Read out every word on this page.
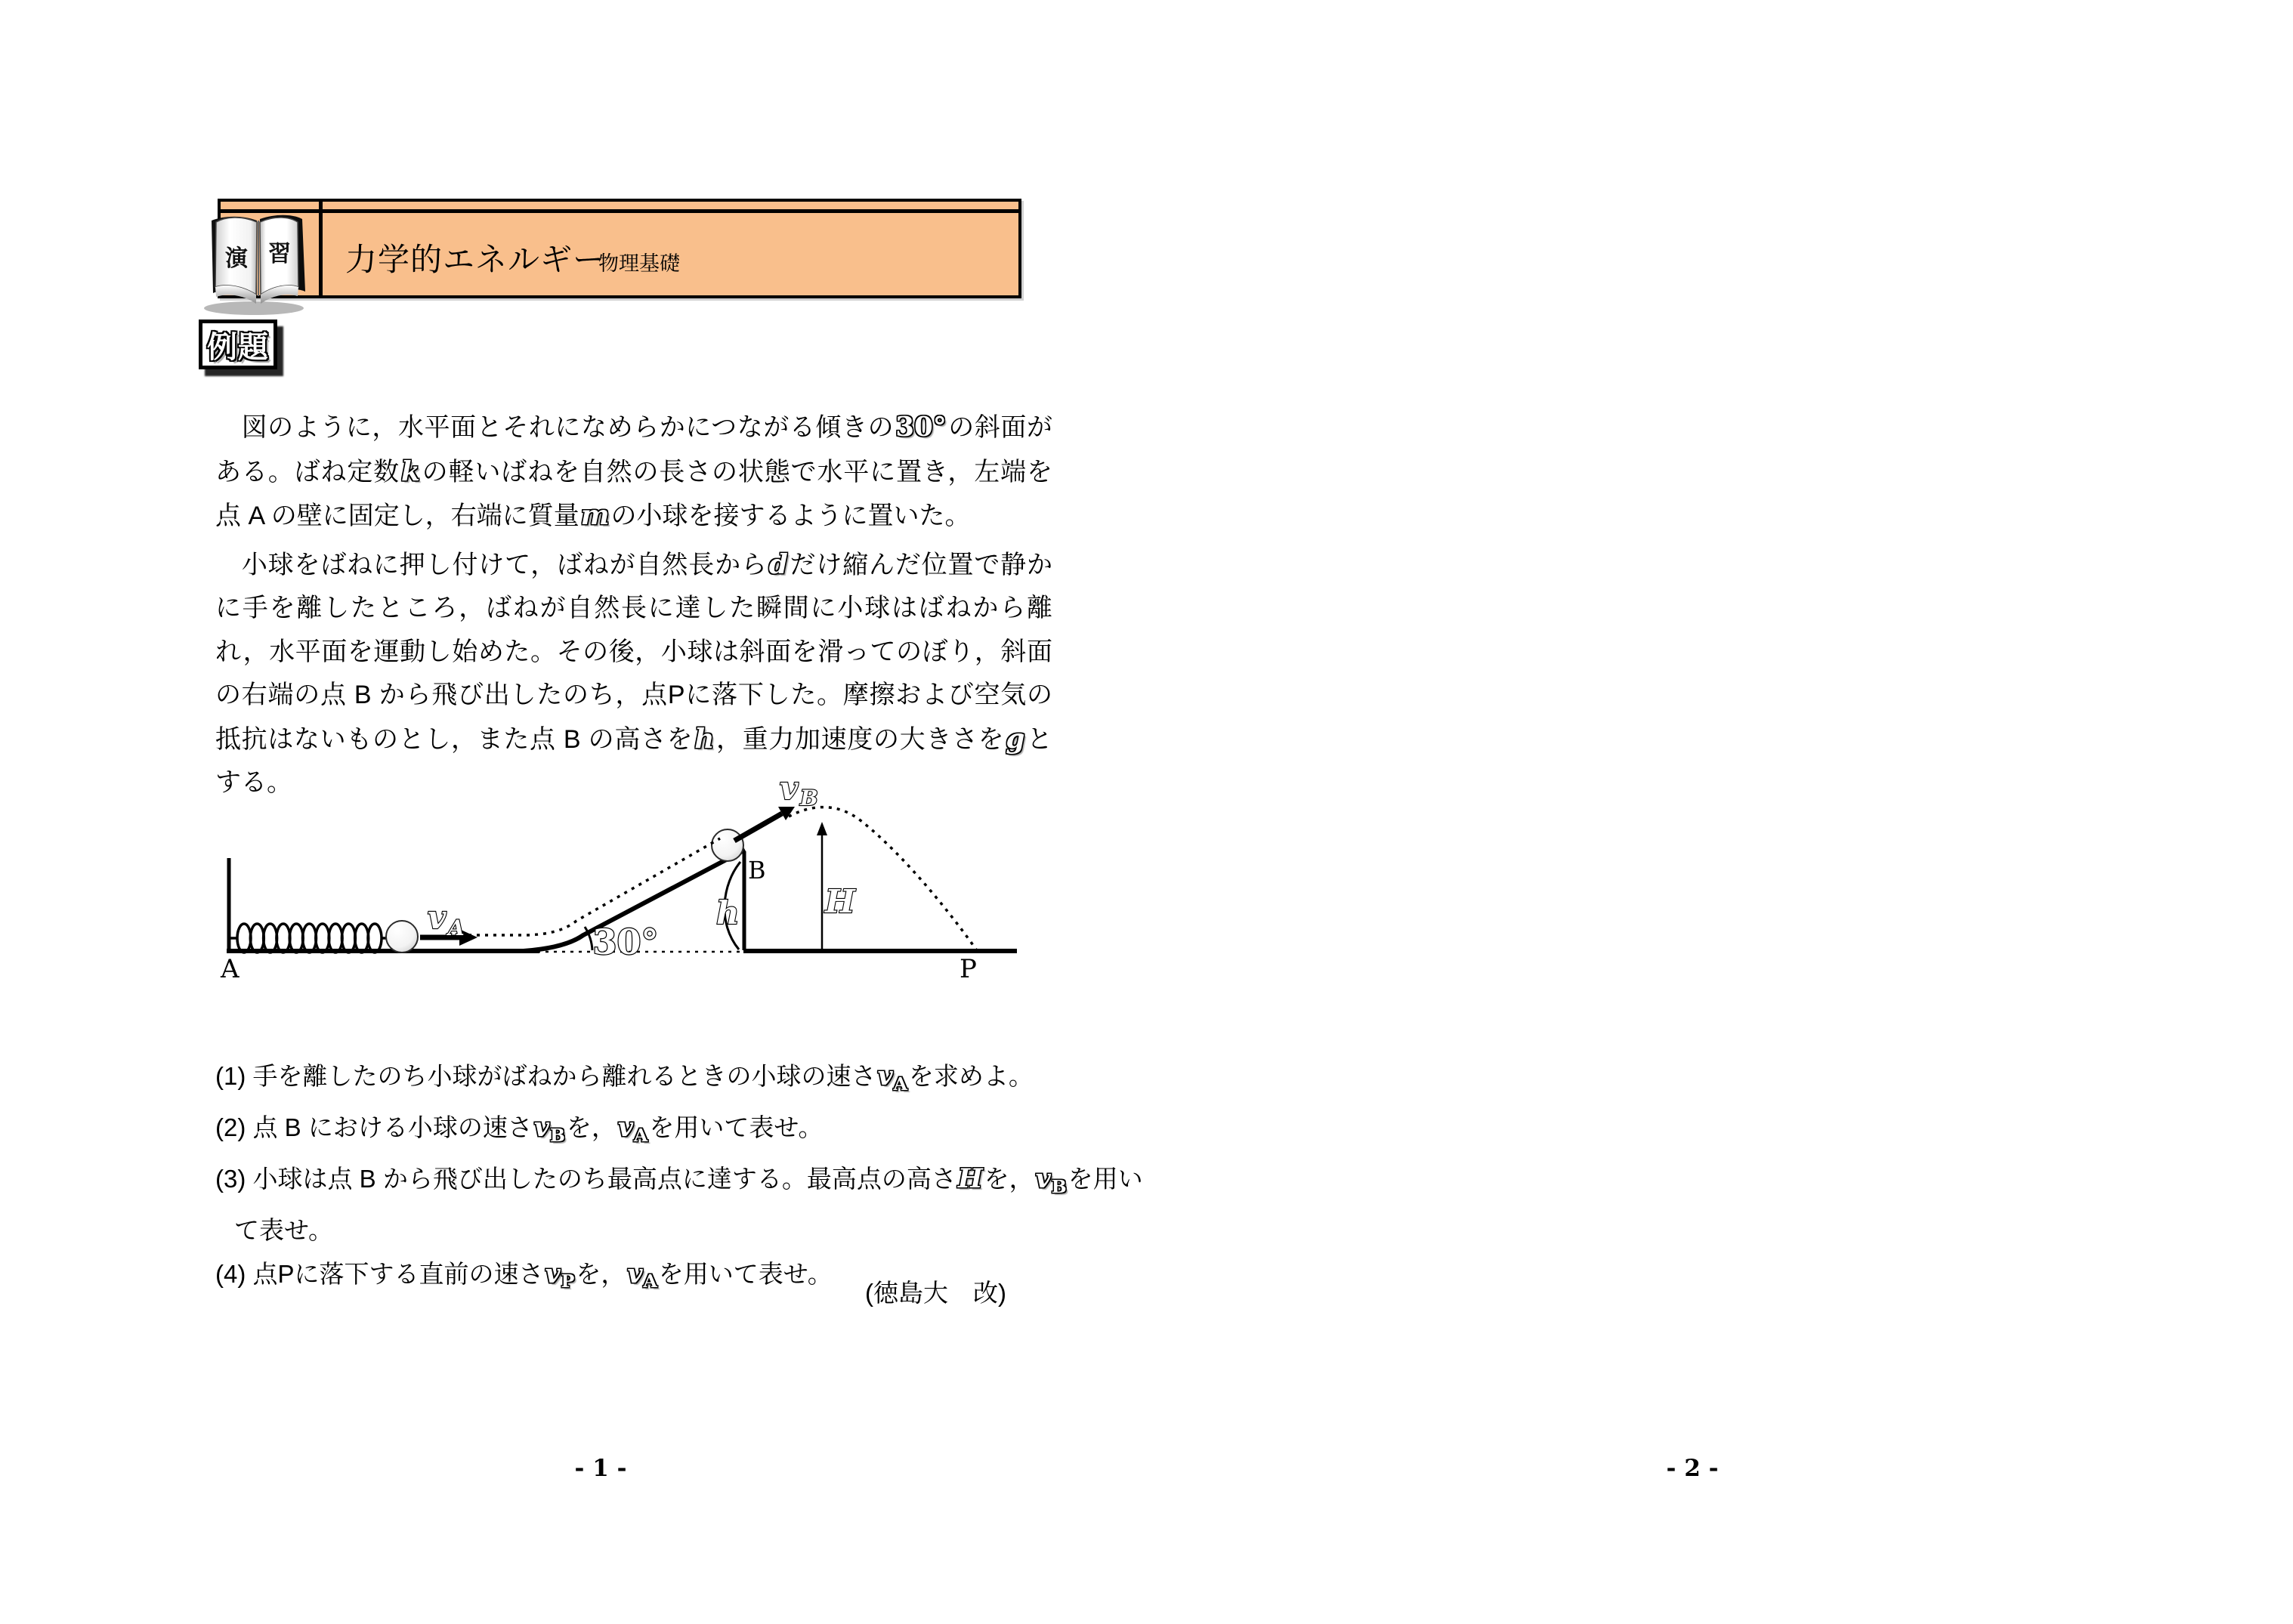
力学的エネルギー
物理基礎
演 習
例題

　図のように，水平面とそれになめらかにつながる傾きの30°の斜面がある。ばね定数kの軽いばねを自然の長さの状態で水平に置き，左端を点 A の壁に固定し，右端に質量mの小球を接するように置いた。

　小球をばねに押し付けて，ばねが自然長からdだけ縮んだ位置で静かに手を離したところ，ばねが自然長に達した瞬間に小球はばねから離れ，水平面を運動し始めた。その後，小球は斜面を滑ってのぼり，斜面の右端の点 B から飛び出したのち，点Pに落下した。摩擦および空気の抵抗はないものとし，また点 B の高さをh，重力加速度の大きさをgとする。

30°
v A	h
v B
H
A
B
P
(1) 手を離したのち小球がばねから離れるときの小球の速さvAを求めよ。
(2) 点 B における小球の速さvBを，vAを用いて表せ。
(3) 小球は点 B から飛び出したのち最高点に達する。最高点の高さHを，vBを用い
て表せ。
(4) 点Pに落下する直前の速さvPを，vAを用いて表せ。
(徳島大　改)
- 1 -	- 2 -
